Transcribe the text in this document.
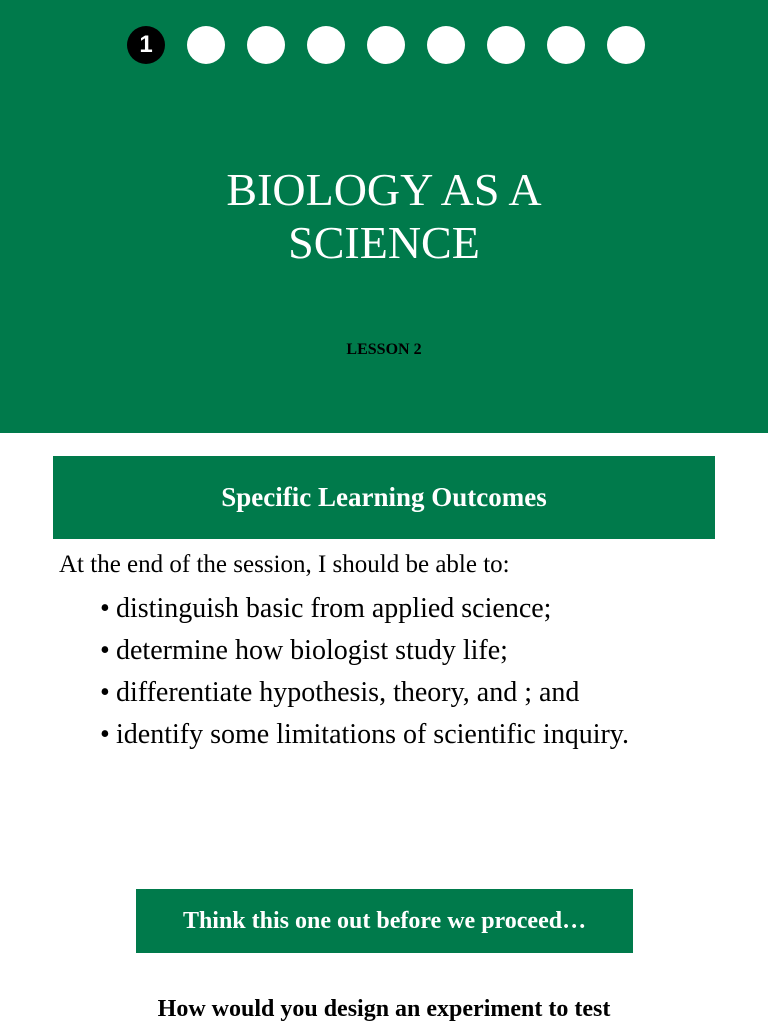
1
BIOLOGY AS A
SCIENCE
LESSON 2
Specific Learning Outcomes
At the end of the session, I should be able to:
• distinguish basic from applied science;
• determine how biologist study life;
• differentiate hypothesis, theory, and ; and
• identify some limitations of scientific inquiry.
Think this one out before we proceed…
How would you design an experiment to test
